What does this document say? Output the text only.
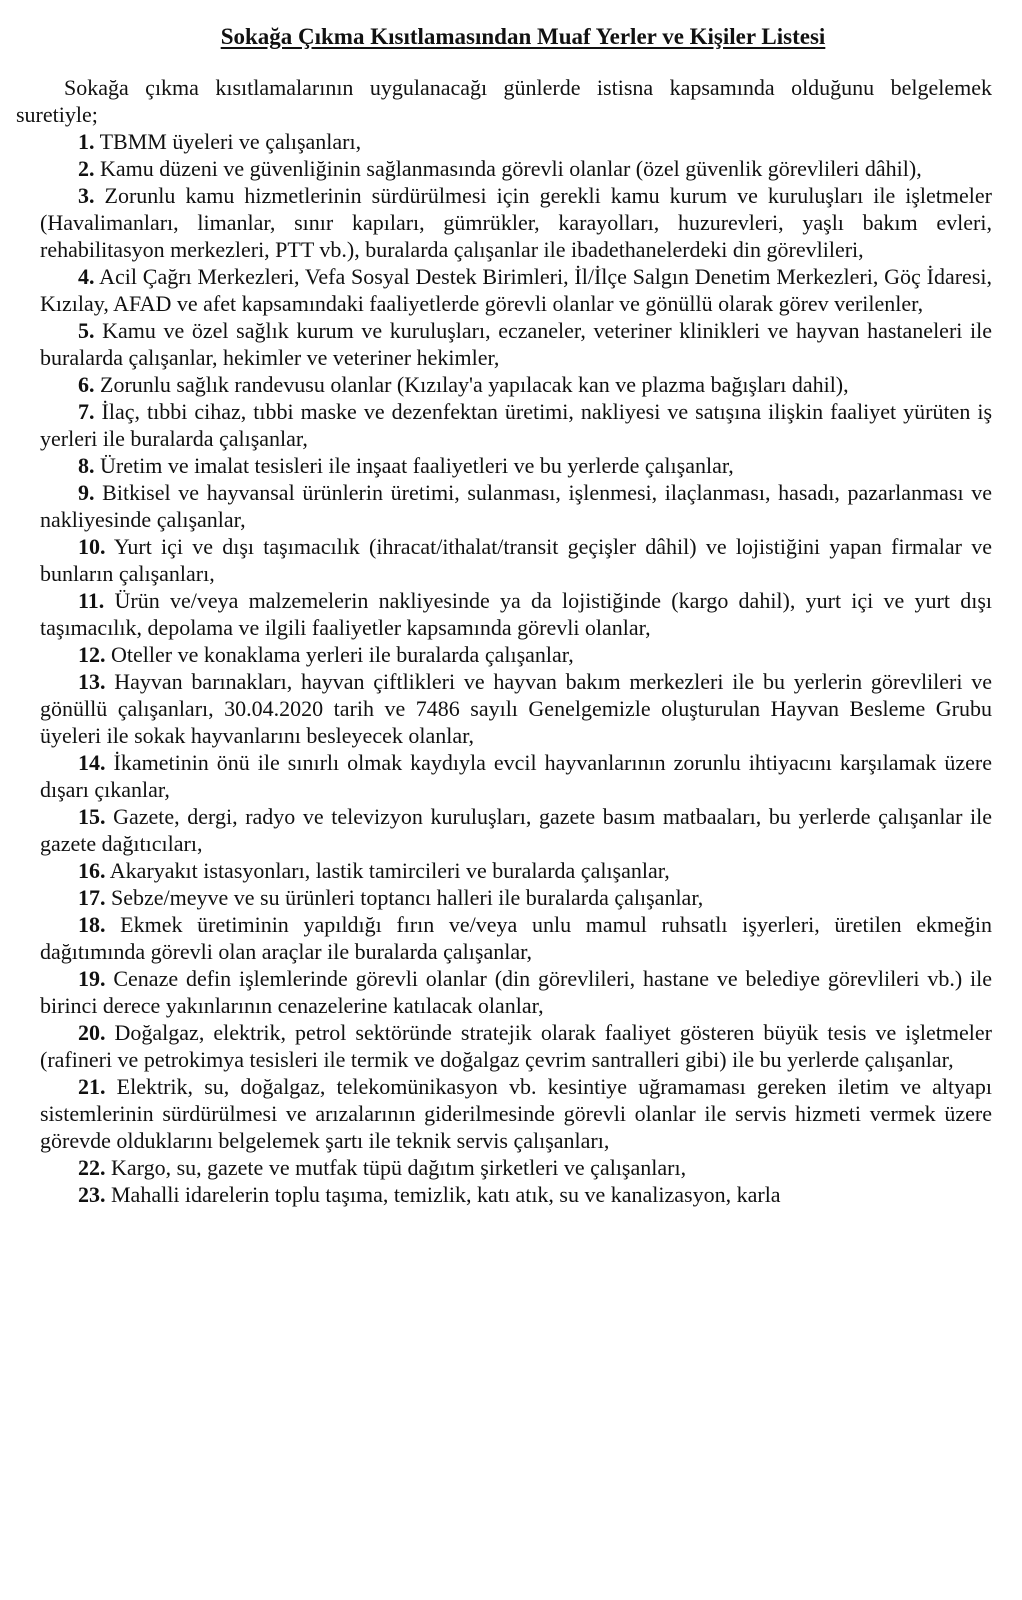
Sokağa Çıkma Kısıtlamasından Muaf Yerler ve Kişiler Listesi

Sokağa çıkma kısıtlamalarının uygulanacağı günlerde istisna kapsamında olduğunu belgelemek suretiyle;

1. TBMM üyeleri ve çalışanları,

2. Kamu düzeni ve güvenliğinin sağlanmasında görevli olanlar (özel güvenlik görevlileri dâhil),

3. Zorunlu kamu hizmetlerinin sürdürülmesi için gerekli kamu kurum ve kuruluşları ile işletmeler (Havalimanları, limanlar, sınır kapıları, gümrükler, karayolları, huzurevleri, yaşlı bakım evleri, rehabilitasyon merkezleri, PTT vb.), buralarda çalışanlar ile ibadethanelerdeki din görevlileri,

4. Acil Çağrı Merkezleri, Vefa Sosyal Destek Birimleri, İl/İlçe Salgın Denetim Merkezleri, Göç İdaresi, Kızılay, AFAD ve afet kapsamındaki faaliyetlerde görevli olanlar ve gönüllü olarak görev verilenler,

5. Kamu ve özel sağlık kurum ve kuruluşları, eczaneler, veteriner klinikleri ve hayvan hastaneleri ile buralarda çalışanlar, hekimler ve veteriner hekimler,

6. Zorunlu sağlık randevusu olanlar (Kızılay'a yapılacak kan ve plazma bağışları dahil),

7. İlaç, tıbbi cihaz, tıbbi maske ve dezenfektan üretimi, nakliyesi ve satışına ilişkin faaliyet yürüten iş yerleri ile buralarda çalışanlar,

8. Üretim ve imalat tesisleri ile inşaat faaliyetleri ve bu yerlerde çalışanlar,

9. Bitkisel ve hayvansal ürünlerin üretimi, sulanması, işlenmesi, ilaçlanması, hasadı, pazarlanması ve nakliyesinde çalışanlar,

10. Yurt içi ve dışı taşımacılık (ihracat/ithalat/transit geçişler dâhil) ve lojistiğini yapan firmalar ve bunların çalışanları,

11. Ürün ve/veya malzemelerin nakliyesinde ya da lojistiğinde (kargo dahil), yurt içi ve yurt dışı taşımacılık, depolama ve ilgili faaliyetler kapsamında görevli olanlar,

12. Oteller ve konaklama yerleri ile buralarda çalışanlar,

13. Hayvan barınakları, hayvan çiftlikleri ve hayvan bakım merkezleri ile bu yerlerin görevlileri ve gönüllü çalışanları, 30.04.2020 tarih ve 7486 sayılı Genelgemizle oluşturulan Hayvan Besleme Grubu üyeleri ile sokak hayvanlarını besleyecek olanlar,

14. İkametinin önü ile sınırlı olmak kaydıyla evcil hayvanlarının zorunlu ihtiyacını karşılamak üzere dışarı çıkanlar,

15. Gazete, dergi, radyo ve televizyon kuruluşları, gazete basım matbaaları, bu yerlerde çalışanlar ile gazete dağıtıcıları,

16. Akaryakıt istasyonları, lastik tamircileri ve buralarda çalışanlar,

17. Sebze/meyve ve su ürünleri toptancı halleri ile buralarda çalışanlar,

18. Ekmek üretiminin yapıldığı fırın ve/veya unlu mamul ruhsatlı işyerleri, üretilen ekmeğin dağıtımında görevli olan araçlar ile buralarda çalışanlar,

19. Cenaze defin işlemlerinde görevli olanlar (din görevlileri, hastane ve belediye görevlileri vb.) ile birinci derece yakınlarının cenazelerine katılacak olanlar,

20. Doğalgaz, elektrik, petrol sektöründe stratejik olarak faaliyet gösteren büyük tesis ve işletmeler (rafineri ve petrokimya tesisleri ile termik ve doğalgaz çevrim santralleri gibi) ile bu yerlerde çalışanlar,

21. Elektrik, su, doğalgaz, telekomünikasyon vb. kesintiye uğramaması gereken iletim ve altyapı sistemlerinin sürdürülmesi ve arızalarının giderilmesinde görevli olanlar ile servis hizmeti vermek üzere görevde olduklarını belgelemek şartı ile teknik servis çalışanları,

22. Kargo, su, gazete ve mutfak tüpü dağıtım şirketleri ve çalışanları,

23. Mahalli idarelerin toplu taşıma, temizlik, katı atık, su ve kanalizasyon, karla
